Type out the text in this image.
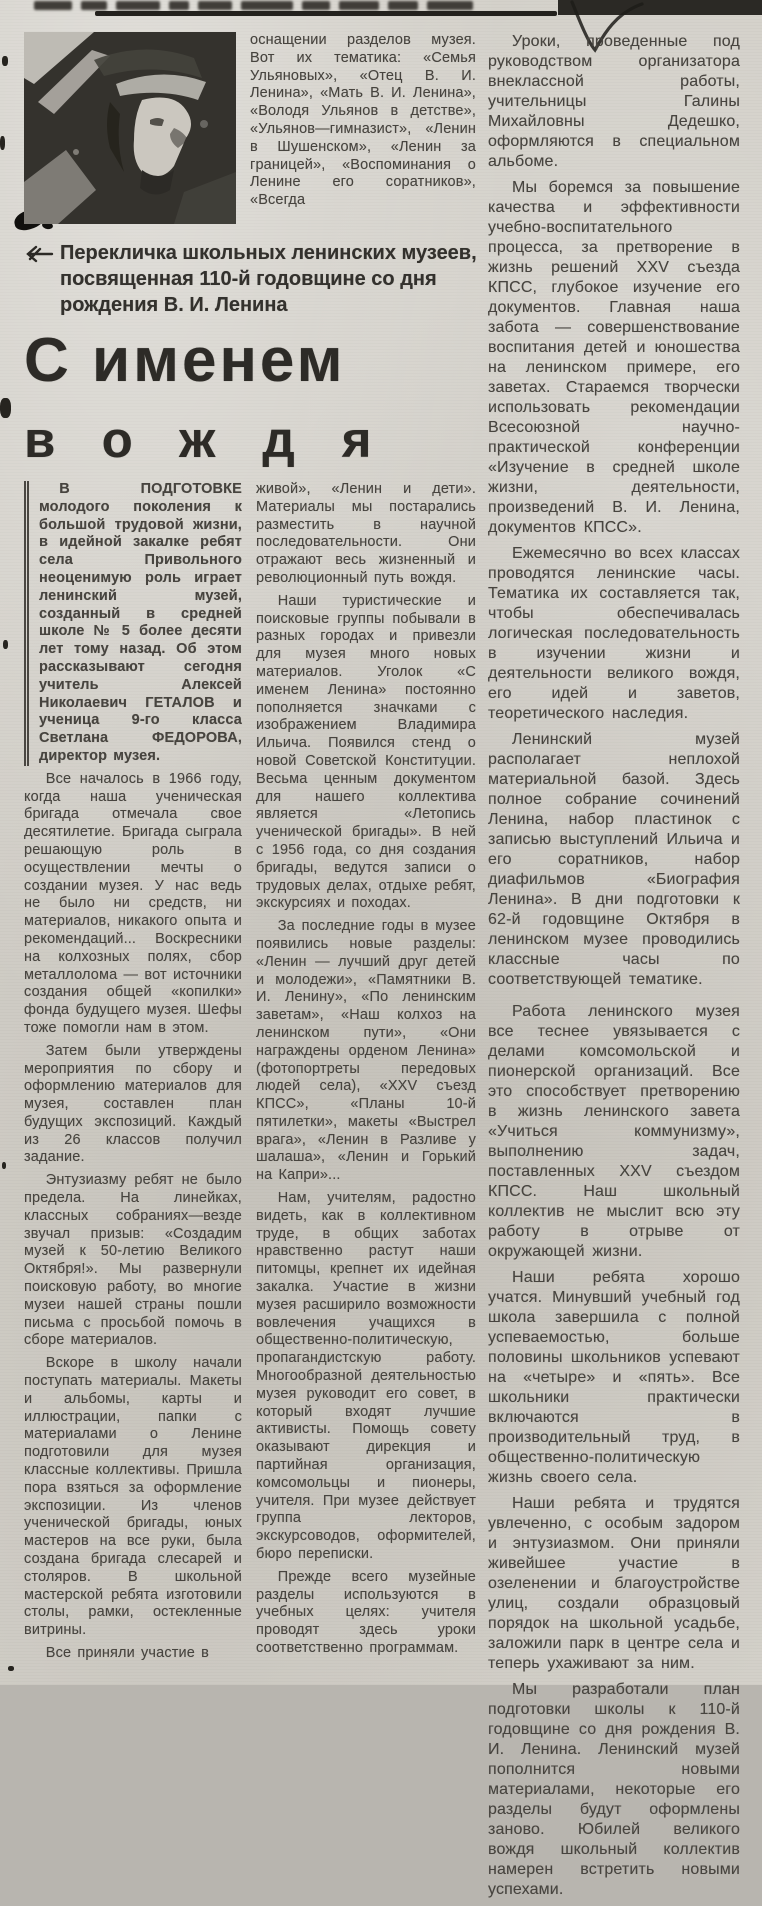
оснащении разделов музея. Вот их тематика: «Семья Ульяновых», «Отец В. И. Ленина», «Мать В. И. Ленина», «Володя Ульянов в детстве», «Ульянов—гимназист», «Ленин в Шушенском», «Ленин за границей», «Воспоминания о Ленине его соратников», «Всегда

Перекличка школьных ленинских музеев, посвященная 110-й годовщине со дня рождения В. И. Ленина
С именем
вождя

В ПОДГОТОВКЕ молодого поколения к большой трудовой жизни, в идейной закалке ребят села Привольного неоценимую роль играет ленинский музей, созданный в средней школе № 5 более десяти лет тому назад. Об этом рассказывают сегодня учитель Алексей Николаевич ГЕТАЛОВ и ученица 9-го класса Светлана ФЕДОРОВА, директор музея.

Все началось в 1966 году, когда наша ученическая бригада отмечала свое десятилетие. Бригада сыграла решающую роль в осуществлении мечты о создании музея. У нас ведь не было ни средств, ни материалов, никакого опыта и рекомендаций... Воскресники на колхозных полях, сбор металлолома — вот источники создания общей «копилки» фонда будущего музея. Шефы тоже помогли нам в этом.

Затем были утверждены мероприятия по сбору и оформлению материалов для музея, составлен план будущих экспозиций. Каждый из 26 классов получил задание.

Энтузиазму ребят не было предела. На линейках, классных собраниях—везде звучал призыв: «Создадим музей к 50-летию Великого Октября!». Мы развернули поисковую работу, во многие музеи нашей страны пошли письма с просьбой помочь в сборе материалов.

Вскоре в школу начали поступать материалы. Макеты и альбомы, карты и иллюстрации, папки с материалами о Ленине подготовили для музея классные коллективы. Пришла пора взяться за оформление экспозиции. Из членов ученической бригады, юных мастеров на все руки, была создана бригада слесарей и столяров. В школьной мастерской ребята изготовили столы, рамки, остекленные витрины.

Все приняли участие в

живой», «Ленин и дети». Материалы мы постарались разместить в научной последовательности. Они отражают весь жизненный и революционный путь вождя.

Наши туристические и поисковые группы побывали в разных городах и привезли для музея много новых материалов. Уголок «С именем Ленина» постоянно пополняется значками с изображением Владимира Ильича. Появился стенд о новой Советской Конституции. Весьма ценным документом для нашего коллектива является «Летопись ученической бригады». В ней с 1956 года, со дня создания бригады, ведутся записи о трудовых делах, отдыхе ребят, экскурсиях и походах.

За последние годы в музее появились новые разделы: «Ленин — лучший друг детей и молодежи», «Памятники В. И. Ленину», «По ленинским заветам», «Наш колхоз на ленинском пути», «Они награждены орденом Ленина» (фотопортреты передовых людей села), «XXV съезд КПСС», «Планы 10-й пятилетки», макеты «Выстрел врага», «Ленин в Разливе у шалаша», «Ленин и Горький на Капри»...

Нам, учителям, радостно видеть, как в коллективном труде, в общих заботах нравственно растут наши питомцы, крепнет их идейная закалка. Участие в жизни музея расширило возможности вовлечения учащихся в общественно-политическую, пропагандистскую работу. Многообразной деятельностью музея руководит его совет, в который входят лучшие активисты. Помощь совету оказывают дирекция и партийная организация, комсомольцы и пионеры, учителя. При музее действует группа лекторов, экскурсоводов, оформителей, бюро переписки.

Прежде всего музейные разделы используются в учебных целях: учителя проводят здесь уроки соответственно программам.

Уроки, проведенные под руководством организатора внеклассной работы, учительницы Галины Михайловны Дедешко, оформляются в специальном альбоме.

Мы боремся за повышение качества и эффективности учебно-воспитательного процесса, за претворение в жизнь решений XXV съезда КПСС, глубокое изучение его документов. Главная наша забота — совершенствование воспитания детей и юношества на ленинском примере, его заветах. Стараемся творчески использовать рекомендации Всесоюзной научно-практической конференции «Изучение в средней школе жизни, деятельности, произведений В. И. Ленина, документов КПСС».

Ежемесячно во всех классах проводятся ленинские часы. Тематика их составляется так, чтобы обеспечивалась логическая последовательность в изучении жизни и деятельности великого вождя, его идей и заветов, теоретического наследия.

Ленинский музей располагает неплохой материальной базой. Здесь полное собрание сочинений Ленина, набор пластинок с записью выступлений Ильича и его соратников, набор диафильмов «Биография Ленина». В дни подготовки к 62-й годовщине Октября в ленинском музее проводились классные часы по соответствующей тематике.

Работа ленинского музея все теснее увязывается с делами комсомольской и пионерской организаций. Все это способствует претворению в жизнь ленинского завета «Учиться коммунизму», выполнению задач, поставленных XXV съездом КПСС. Наш школьный коллектив не мыслит всю эту работу в отрыве от окружающей жизни.

Наши ребята хорошо учатся. Минувший учебный год школа завершила с полной успеваемостью, больше половины школьников успевают на «четыре» и «пять». Все школьники практически включаются в производительный труд, в общественно-политическую жизнь своего села.

Наши ребята и трудятся увлеченно, с особым задором и энтузиазмом. Они приняли живейшее участие в озеленении и благоустройстве улиц, создали образцовый порядок на школьной усадьбе, заложили парк в центре села и теперь ухаживают за ним.

Мы разработали план подготовки школы к 110-й годовщине со дня рождения В. И. Ленина. Ленинский музей пополнится новыми материалами, некоторые его разделы будут оформлены заново. Юбилей великого вождя школьный коллектив намерен встретить новыми успехами.
